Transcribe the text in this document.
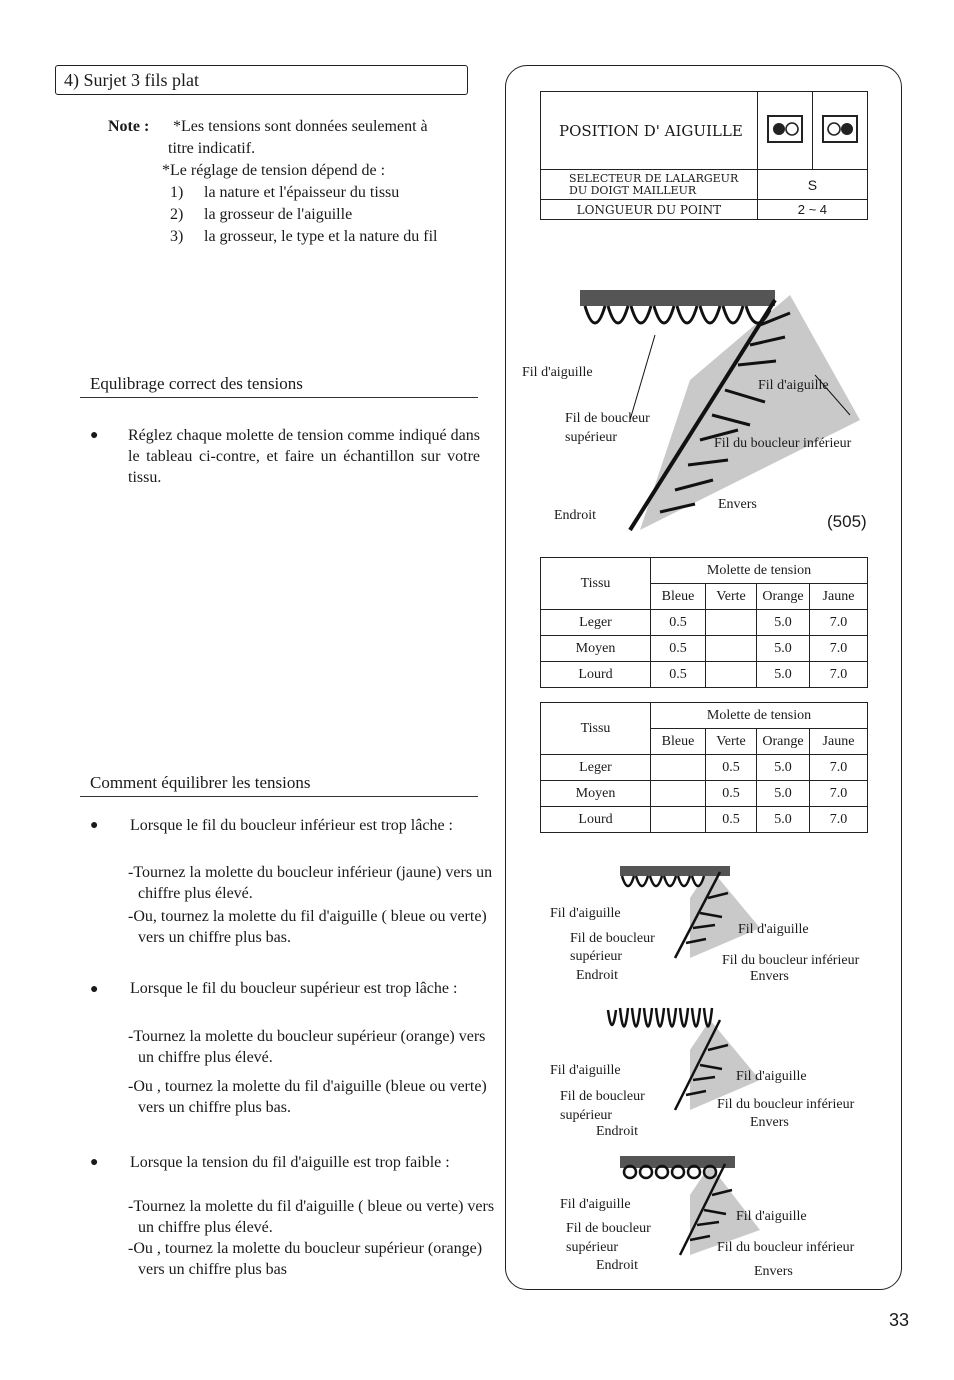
4) Surjet 3 fils plat
Note : *Les tensions sont données seulement à
titre indicatif.
*Le réglage de tension dépend de :
1) la nature et l'épaisseur du tissu
2) la grosseur de l'aiguille
3) la grosseur, le type et la nature du fil
Equlibrage correct des tensions
● Réglez chaque molette de tension comme indiqué dans le tableau ci-contre, et faire un échantillon sur votre tissu.
Comment équilibrer les tensions
●	Lorsque le fil du boucleur inférieur est trop lâche :
-Tournez la molette du boucleur inférieur (jaune) vers un chiffre plus élevé.
-Ou, tournez la molette du fil d'aiguille ( bleue ou verte) vers un chiffre plus bas.
●	Lorsque le fil du boucleur supérieur est trop lâche :
-Tournez la molette du boucleur supérieur (orange) vers un chiffre plus élevé.
-Ou , tournez la molette du fil d'aiguille (bleue ou verte) vers un chiffre plus bas.
●	Lorsque la tension du fil d'aiguille est trop faible :
-Tournez la molette du fil d'aiguille ( bleue ou verte) vers un chiffre plus élevé.
-Ou , tournez la molette du boucleur supérieur (orange) vers un chiffre plus bas
POSITION D' AIGUILLE		

SELECTEUR DE LALARGEUR
DU DOIGT MAILLEUR	S	
LONGUEUR DU POINT	2 ~ 4	
Fil d'aiguille
Fil de boucleur
supérieur
Endroit
Fil d'aiguille
Fil du boucleur inférieur
Envers
(505)
Tissu	Molette de tension			
	Bleue	Verte	Orange	Jaune
Leger	0.5		5.0	7.0
Moyen	0.5		5.0	7.0
Lourd	0.5		5.0	7.0
Tissu	Molette de tension			
	Bleue	Verte	Orange	Jaune
Leger		0.5	5.0	7.0
Moyen		0.5	5.0	7.0
Lourd		0.5	5.0	7.0
Fil d'aiguille
Fil de boucleur
supérieur
Endroit
Fil d'aiguille
Fil du boucleur inférieur
Envers
Fil d'aiguille
Fil de boucleur
supérieur
Endroit
Fil d'aiguille
Fil du boucleur inférieur
Envers
Fil d'aiguille
Fil de boucleur
supérieur
Endroit
Fil d'aiguille
Fil du boucleur inférieur
Envers
33
